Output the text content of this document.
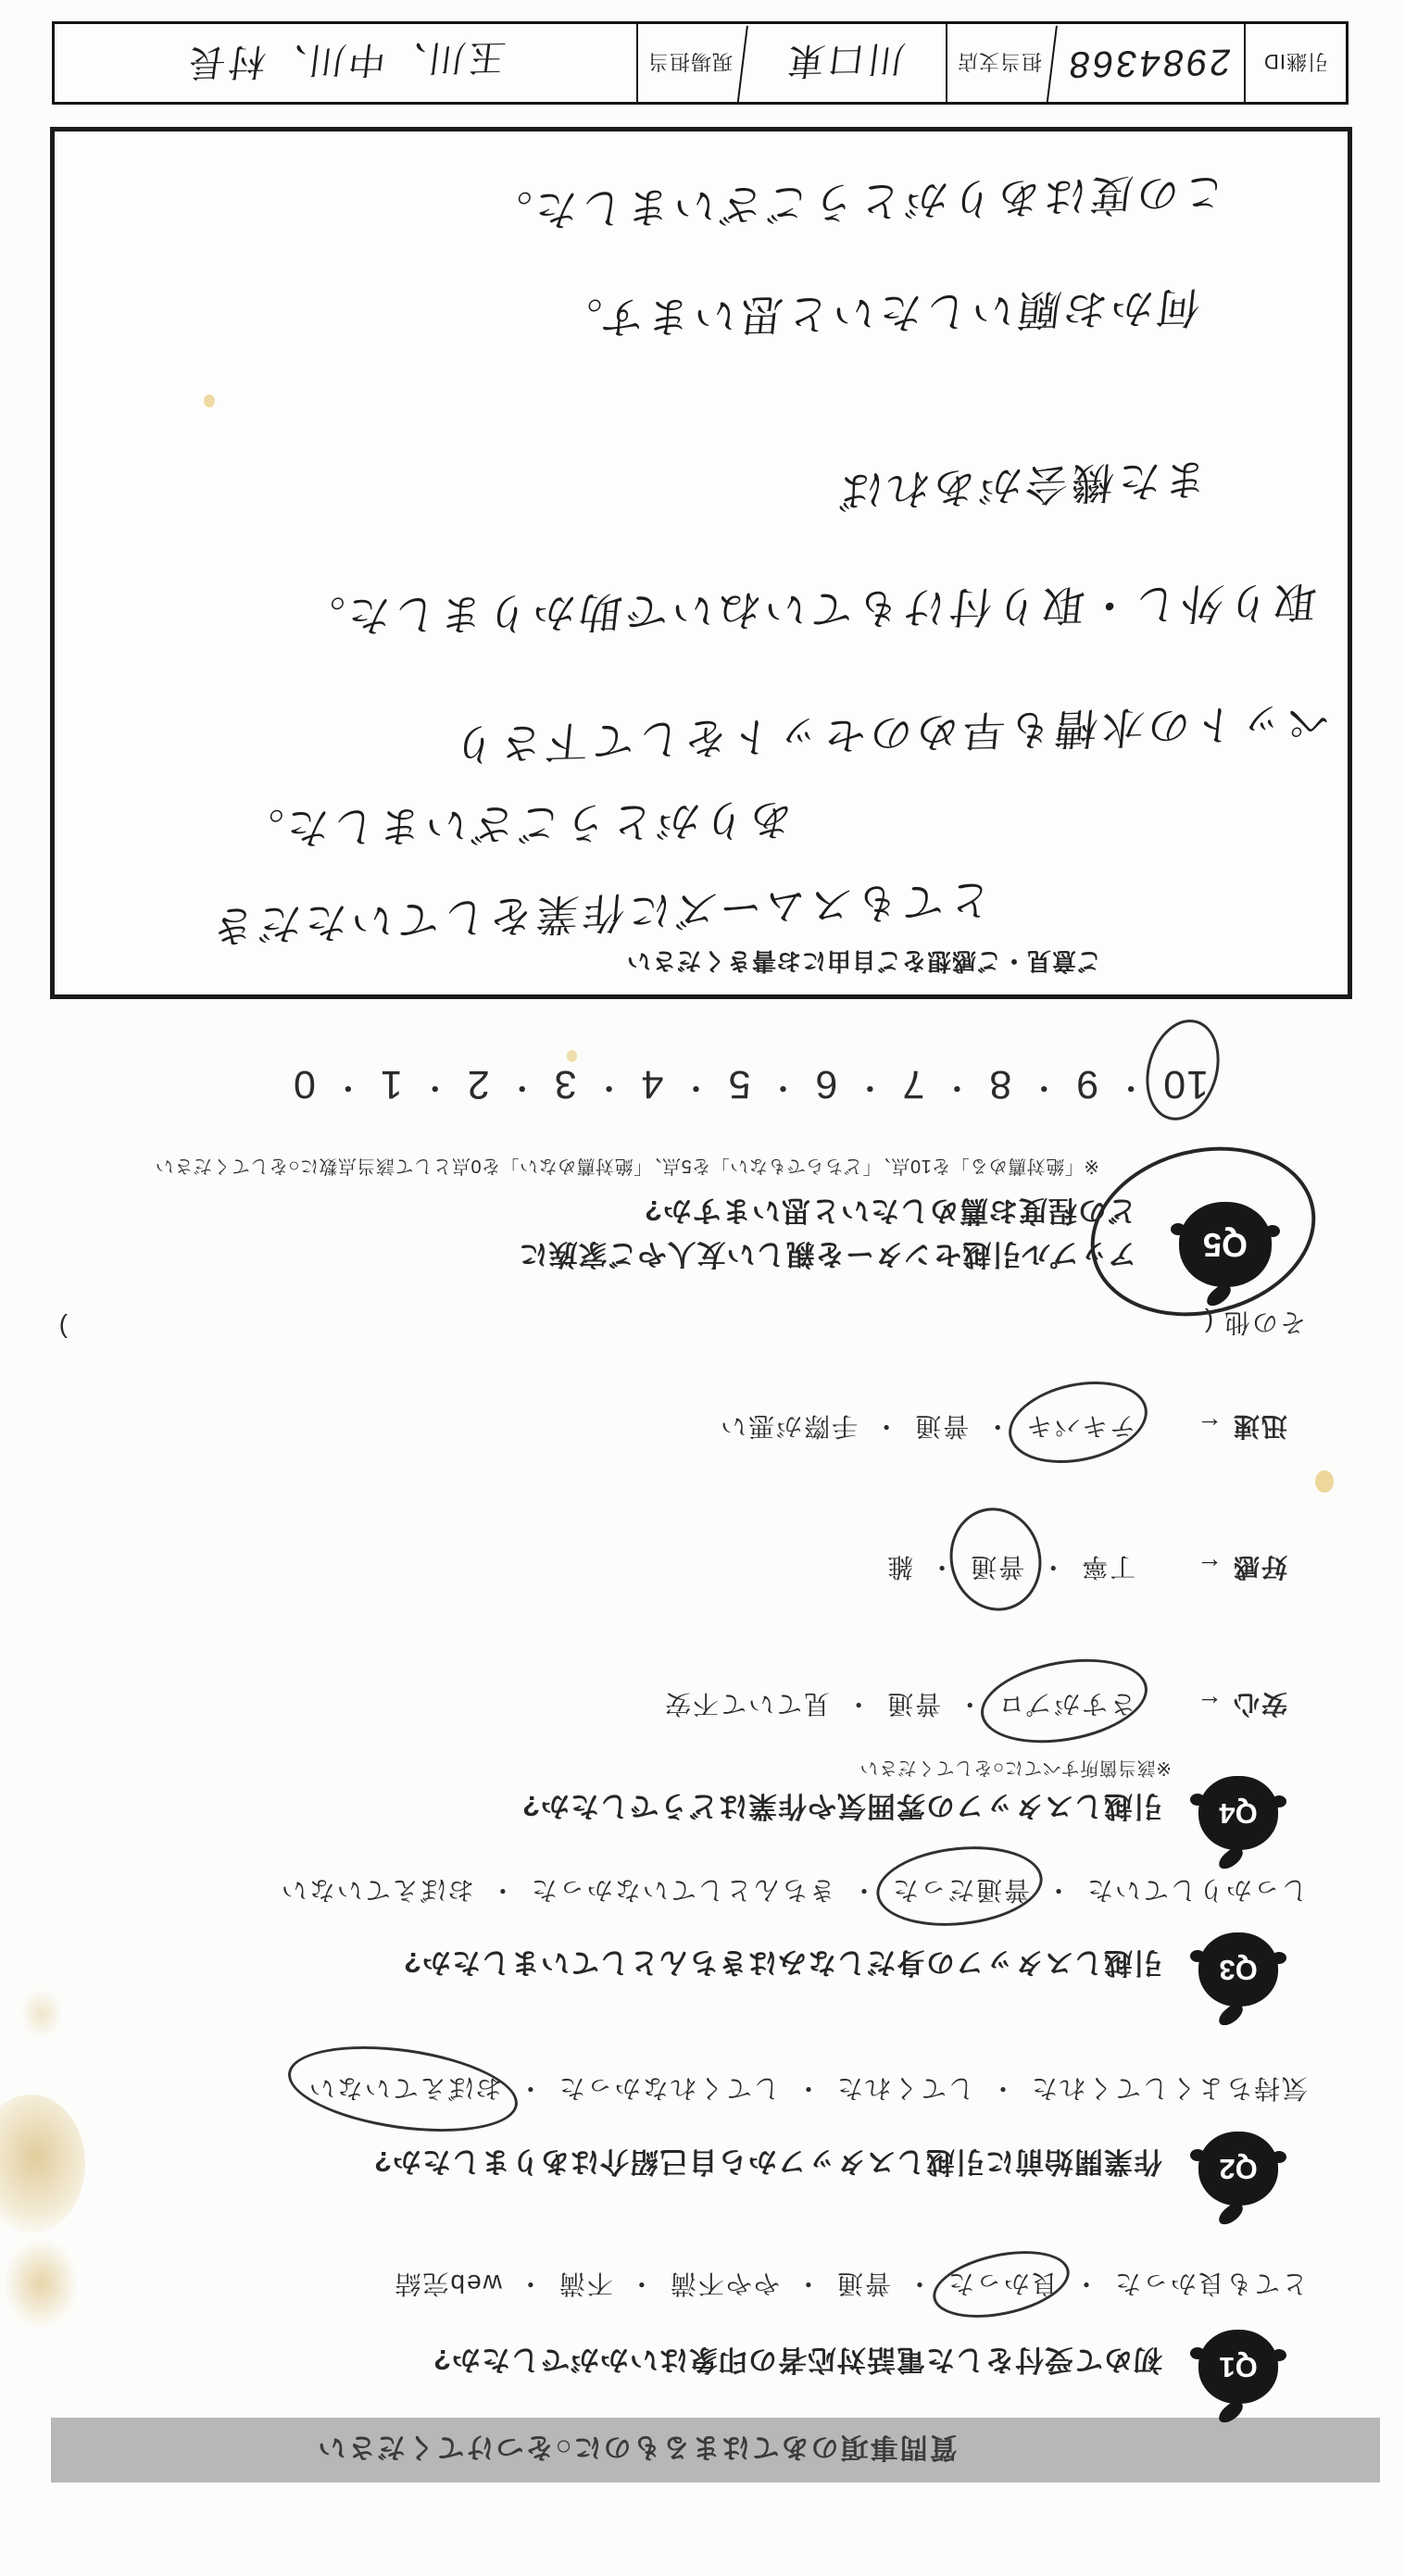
質問事項のあてはまるものに○をつけてください
Q1
初めて受付をした電話対応者の印象はいかがでしたか?
とても良かった・良かった・普通・やや不満・不満・web完結
Q2
作業開始前に引越しスタッフから自己紹介はありましたか?
気持ちよくしてくれた・してくれた・してくれなかった・おぼえていない
Q3
引越しスタッフの身だしなみはきちんとしていましたか?
しっかりしていた・普通だった・きちんとしていなかった・おぼえていない
Q4
引越しスタッフの雰囲気や作業はどうでしたか?
※該当箇所すべてに○をしてください
安心 ←さすがプロ・普通・見ていて不安
好感 ←丁寧・普通・雑
迅速 ←テキパキ・普通・手際が悪い
その他 (
)
Q5
アップル引越センターを親しい友人やご家族に
どの程度お薦めしたいと思いますか?
※「絶対薦める」を10点、「どちらでもない」を5点、「絶対薦めない」を0点として該当点数に○をしてください
10・9・8・7・6・5・4・3・2・1・0
ご意見・ご感想をご自由にお書きください
とてもスムーズに作業をしていただき
ありがとうございました。
ペットの水槽も早めのセットをして下さり
取り外し・取り付けもていねいで助かりました。
また機会があれば
何かお願いしたいと思います。
この度はありがとうございました。
引継ID
2984368
担当支店
川口東
現場担当
玉川、中川、村長
